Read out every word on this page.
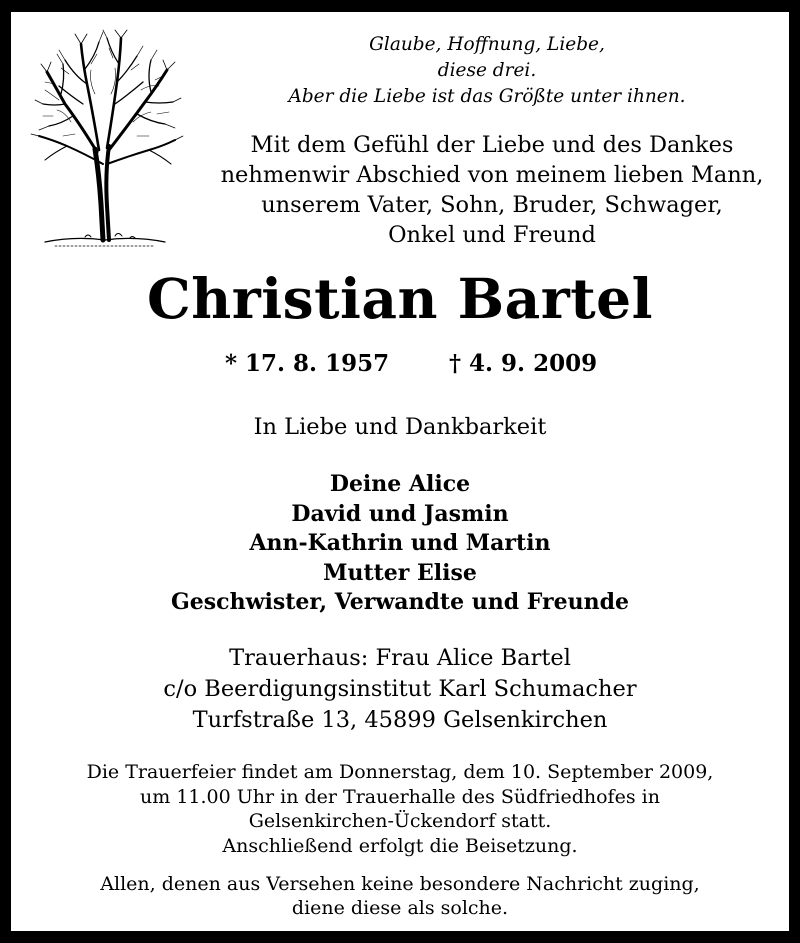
Glaube, Hoffnung, Liebe,
diese drei.
Aber die Liebe ist das Größte unter ihnen.
Mit dem Gefühl der Liebe und des Dankes
nehmenwir Abschied von meinem lieben Mann,
unserem Vater, Sohn, Bruder, Schwager,
Onkel und Freund
Christian Bartel
* 17. 8. 1957	† 4. 9. 2009
In Liebe und Dankbarkeit
Deine Alice
David und Jasmin
Ann-Kathrin und Martin
Mutter Elise
Geschwister, Verwandte und Freunde
Trauerhaus: Frau Alice Bartel
c/o Beerdigungsinstitut Karl Schumacher
Turfstraße 13, 45899 Gelsenkirchen
Die Trauerfeier findet am Donnerstag, dem 10. September 2009,
um 11.00 Uhr in der Trauerhalle des Südfriedhofes in
Gelsenkirchen-Ückendorf statt.
Anschließend erfolgt die Beisetzung.
Allen, denen aus Versehen keine besondere Nachricht zuging,
diene diese als solche.
